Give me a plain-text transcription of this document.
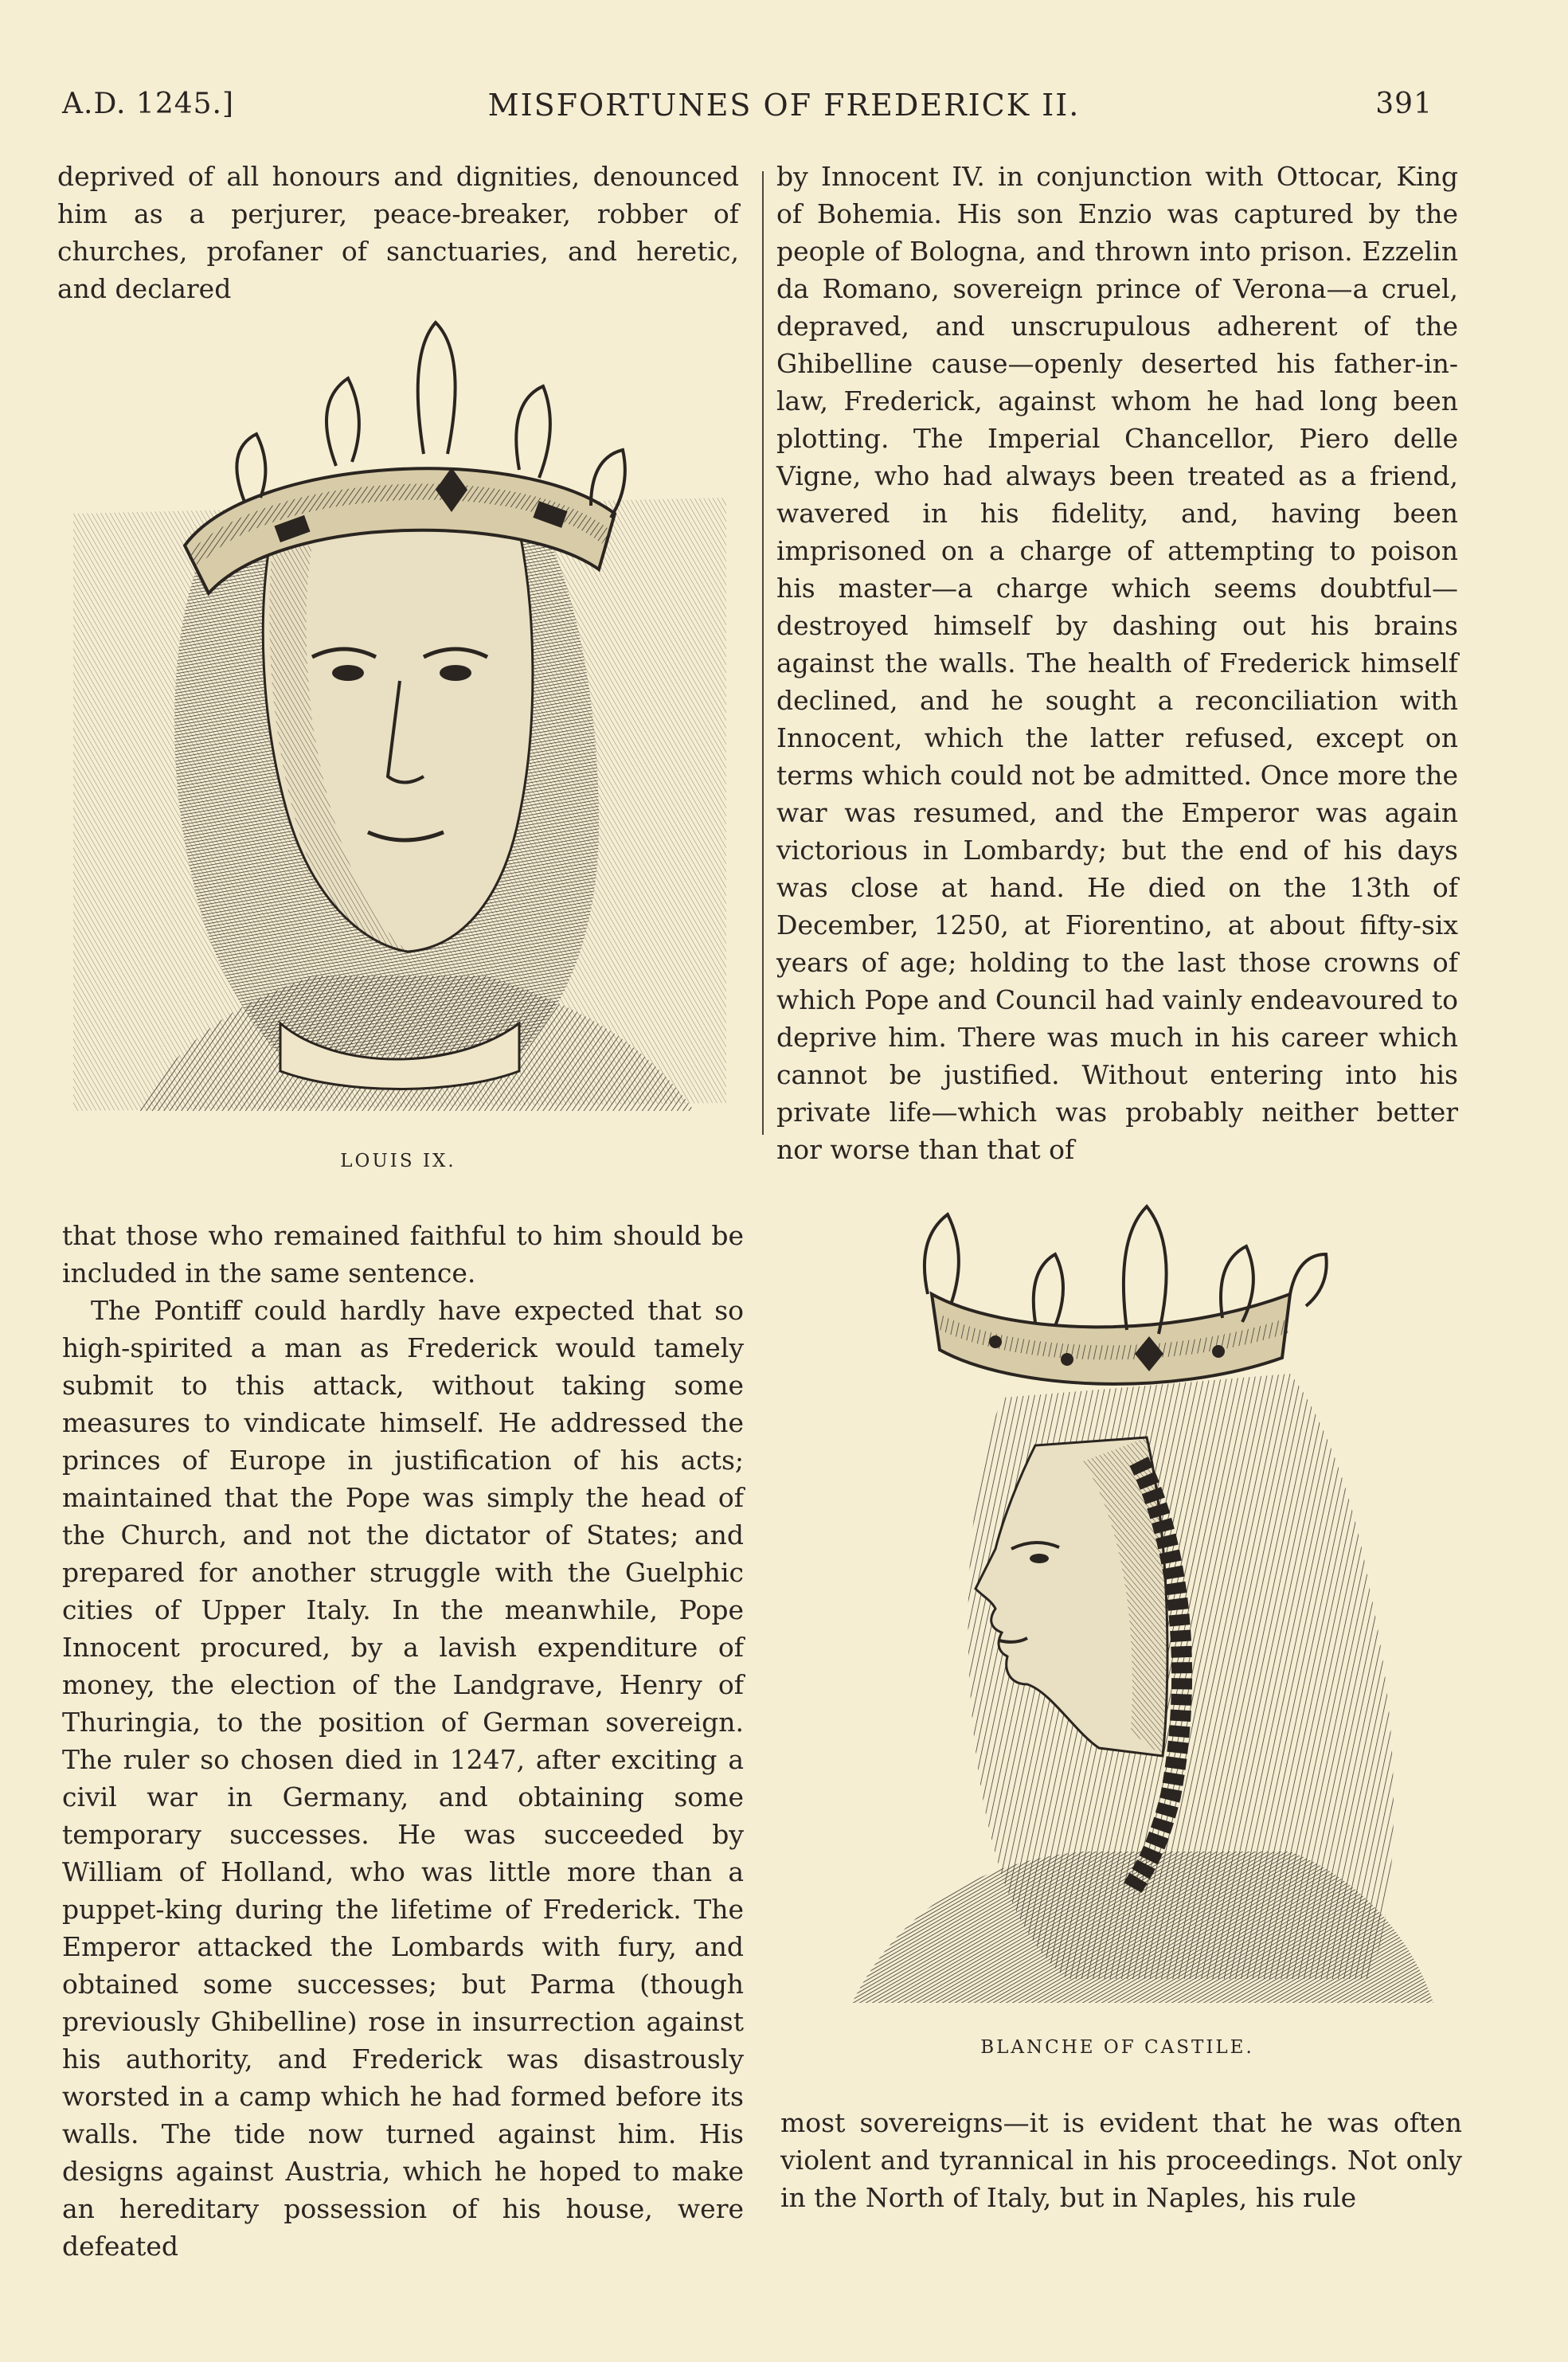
A.D. 1245.]	MISFORTUNES OF FREDERICK II.	391

deprived of all honours and dignities, denounced him as a perjurer, peace-breaker, robber of churches, profaner of sanctuaries, and heretic, and declared

LOUIS IX.

that those who remained faithful to him should be included in the same sentence.

The Pontiff could hardly have expected that so high-spirited a man as Frederick would tamely submit to this attack, without taking some measures to vindicate himself. He addressed the princes of Europe in justification of his acts; maintained that the Pope was simply the head of the Church, and not the dictator of States; and prepared for another struggle with the Guelphic cities of Upper Italy. In the meanwhile, Pope Innocent procured, by a lavish expenditure of money, the election of the Landgrave, Henry of Thuringia, to the position of German sovereign. The ruler so chosen died in 1247, after exciting a civil war in Germany, and obtaining some temporary successes. He was succeeded by William of Holland, who was little more than a puppet-king during the lifetime of Frederick. The Emperor attacked the Lombards with fury, and obtained some successes; but Parma (though previously Ghibelline) rose in insurrection against his authority, and Frederick was disastrously worsted in a camp which he had formed before its walls. The tide now turned against him. His designs against Austria, which he hoped to make an hereditary possession of his house, were defeated

by Innocent IV. in conjunction with Ottocar, King of Bohemia. His son Enzio was captured by the people of Bologna, and thrown into prison. Ezzelin da Romano, sovereign prince of Verona—a cruel, depraved, and unscrupulous adherent of the Ghibelline cause—openly deserted his father-in-law, Frederick, against whom he had long been plotting. The Imperial Chancellor, Piero delle Vigne, who had always been treated as a friend, wavered in his fidelity, and, having been imprisoned on a charge of attempting to poison his master—a charge which seems doubtful—destroyed himself by dashing out his brains against the walls. The health of Frederick himself declined, and he sought a reconciliation with Innocent, which the latter refused, except on terms which could not be admitted. Once more the war was resumed, and the Emperor was again victorious in Lombardy; but the end of his days was close at hand. He died on the 13th of December, 1250, at Fiorentino, at about fifty-six years of age; holding to the last those crowns of which Pope and Council had vainly endeavoured to deprive him. There was much in his career which cannot be justified. Without entering into his private life—which was probably neither better nor worse than that of

BLANCHE OF CASTILE.

most sovereigns—it is evident that he was often violent and tyrannical in his proceedings. Not only in the North of Italy, but in Naples, his rule
